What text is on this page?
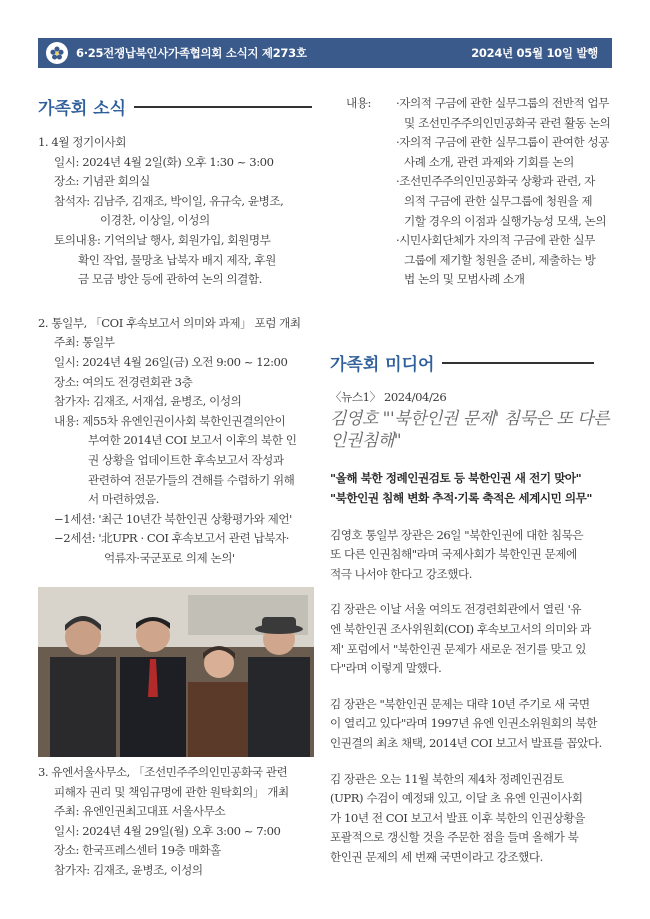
6·25전쟁납북인사가족협의회 소식지 제273호	2024년 05월 10일 발행
가족회 소식

1. 4월 정기이사회

일시: 2024년 4월 2일(화) 오후 1:30 ~ 3:00

장소: 기념관 회의실

참석자: 김남주, 김재조, 박이일, 유규숙, 윤병조,

이경찬, 이상일, 이성의

토의내용: 기억의날 행사, 회원가입, 회원명부

확인 작업, 물망초 납북자 배지 제작, 후원

금 모금 방안 등에 관하여 논의 의결함.

2. 통일부, 「COI 후속보고서 의미와 과제」 포럼 개최

주최: 통일부

일시: 2024년 4월 26일(금) 오전 9:00 ~ 12:00

장소: 여의도 전경련회관 3층

참가자: 김재조, 서재섭, 윤병조, 이성의

내용: 제55차 유엔인권이사회 북한인권결의안이

부여한 2014년 COI 보고서 이후의 북한 인

권 상황을 업데이트한 후속보고서 작성과

관련하여 전문가들의 견해를 수렴하기 위해

서 마련하였음.

−1세션: '최근 10년간 북한인권 상황평가와 제언'

−2세션: '北UPR · COI 후속보고서 관련 납북자·

억류자·국군포로 의제 논의'

3. 유엔서울사무소, 「조선민주주의인민공화국 관련

피해자 권리 및 책임규명에 관한 원탁회의」 개최

주최: 유엔인권최고대표 서울사무소

일시: 2024년 4월 29일(월) 오후 3:00 ~ 7:00

장소: 한국프레스센터 19층 매화홀

참가자: 김재조, 윤병조, 이성의

내용:	·자의적 구금에 관한 실무그룹의 전반적 업무

및 조선민주주의인민공화국 관련 활동 논의

·자의적 구금에 관한 실무그룹이 관여한 성공

사례 소개, 관련 과제와 기회를 논의

·조선민주주의인민공화국 상황과 관련, 자

의적 구금에 관한 실무그룹에 청원을 제

기할 경우의 이점과 실행가능성 모색, 논의

·시민사회단체가 자의적 구금에 관한 실무

그룹에 제기할 청원을 준비, 제출하는 방

법 논의 및 모범사례 소개

가족회 미디어

〈뉴스1〉 2024/04/26

김영호 "'북한인권 문제' 침묵은 또 다른

인권침해"

"올해 북한 정례인권검토 등 북한인권 새 전기 맞아"

"북한인권 침해 변화 추적·기록 축적은 세계시민 의무"

김영호 통일부 장관은 26일 "북한인권에 대한 침묵은

또 다른 인권침해"라며 국제사회가 북한인권 문제에

적극 나서야 한다고 강조했다.

김 장관은 이날 서울 여의도 전경련회관에서 열린 '유

엔 북한인권 조사위원회(COI) 후속보고서의 의미와 과

제' 포럼에서 "북한인권 문제가 새로운 전기를 맞고 있

다"라며 이렇게 말했다.

김 장관은 "북한인권 문제는 대략 10년 주기로 새 국면

이 열리고 있다"라며 1997년 유엔 인권소위원회의 북한

인권결의 최초 채택, 2014년 COI 보고서 발표를 꼽았다.

김 장관은 오는 11월 북한의 제4차 정례인권검토

(UPR) 수검이 예정돼 있고, 이달 초 유엔 인권이사회

가 10년 전 COI 보고서 발표 이후 북한의 인권상황을

포괄적으로 갱신할 것을 주문한 점을 들며 올해가 북

한인권 문제의 세 번째 국면이라고 강조했다.
